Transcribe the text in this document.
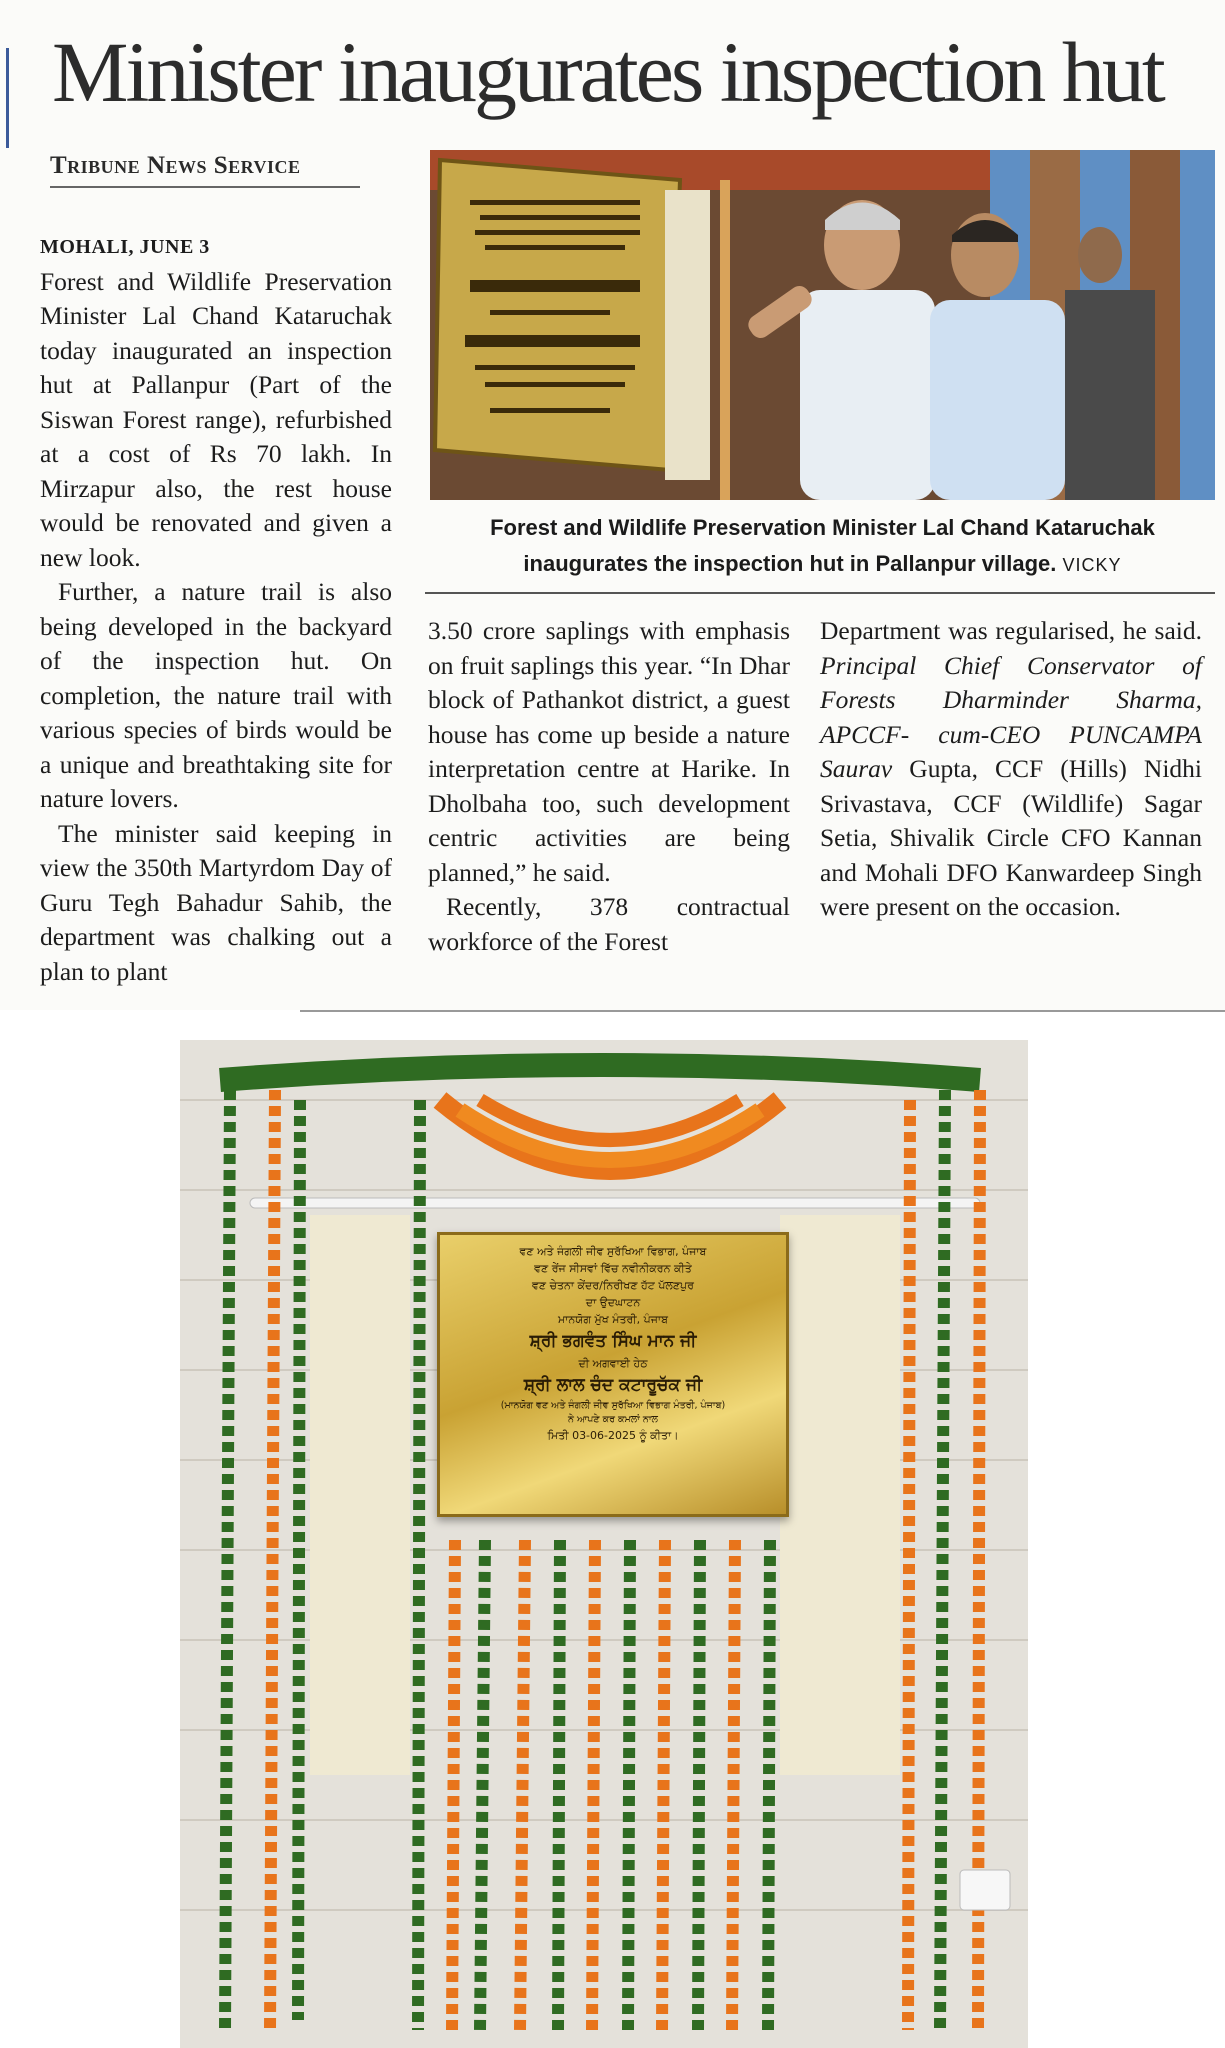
Minister inaugurates inspection hut
Tribune News Service

MOHALI, JUNE 3

Forest and Wildlife Preservation Minister Lal Chand Kataruchak today inaugurated an inspection hut at Pallanpur (Part of the Siswan Forest range), refurbished at a cost of Rs 70 lakh. In Mirzapur also, the rest house would be renovated and given a new look.

Further, a nature trail is also being developed in the backyard of the inspection hut. On completion, the nature trail with various species of birds would be a unique and breathtaking site for nature lovers.

The minister said keeping in view the 350th Martyrdom Day of Guru Tegh Bahadur Sahib, the department was chalking out a plan to plant

Forest and Wildlife Preservation Minister Lal Chand Kataruchak inaugurates the inspection hut in Pallanpur village. VICKY

3.50 crore saplings with emphasis on fruit saplings this year. “In Dhar block of Pathankot district, a guest house has come up beside a nature interpretation centre at Harike. In Dholbaha too, such development centric activities are being planned,” he said.

Recently, 378 contractual workforce of the Forest

Department was regularised, he said. Principal Chief Conservator of Forests Dharminder Sharma, APCCF- cum-CEO PUNCAMPA Saurav Gupta, CCF (Hills) Nidhi Srivastava, CCF (Wildlife) Sagar Setia, Shivalik Circle CFO Kannan and Mohali DFO Kanwardeep Singh were present on the occasion.

ਵਣ ਅਤੇ ਜੰਗਲੀ ਜੀਵ ਸੁਰੱਖਿਆ ਵਿਭਾਗ, ਪੰਜਾਬ
ਵਣ ਰੇਂਜ ਸੀਸਵਾਂ ਵਿੱਚ ਨਵੀਨੀਕਰਨ ਕੀਤੇ
ਵਣ ਚੇਤਨਾ ਕੇਂਦਰ/ਨਿਰੀਖਣ ਹੱਟ ਪੱਲਣਪੁਰ
ਦਾ ਉਦਘਾਟਨ
ਮਾਨਯੋਗ ਮੁੱਖ ਮੰਤਰੀ, ਪੰਜਾਬ
ਸ਼੍ਰੀ ਭਗਵੰਤ ਸਿੰਘ ਮਾਨ ਜੀ
ਦੀ ਅਗਵਾਈ ਹੇਠ
ਸ਼੍ਰੀ ਲਾਲ ਚੰਦ ਕਟਾਰੂਚੱਕ ਜੀ
(ਮਾਨਯੋਗ ਵਣ ਅਤੇ ਜੰਗਲੀ ਜੀਵ ਸੁਰੱਖਿਆ ਵਿਭਾਗ ਮੰਤਰੀ, ਪੰਜਾਬ)
ਨੇ ਆਪਣੇ ਕਰ ਕਮਲਾਂ ਨਾਲ
ਮਿਤੀ 03-06-2025 ਨੂੰ ਕੀਤਾ।
